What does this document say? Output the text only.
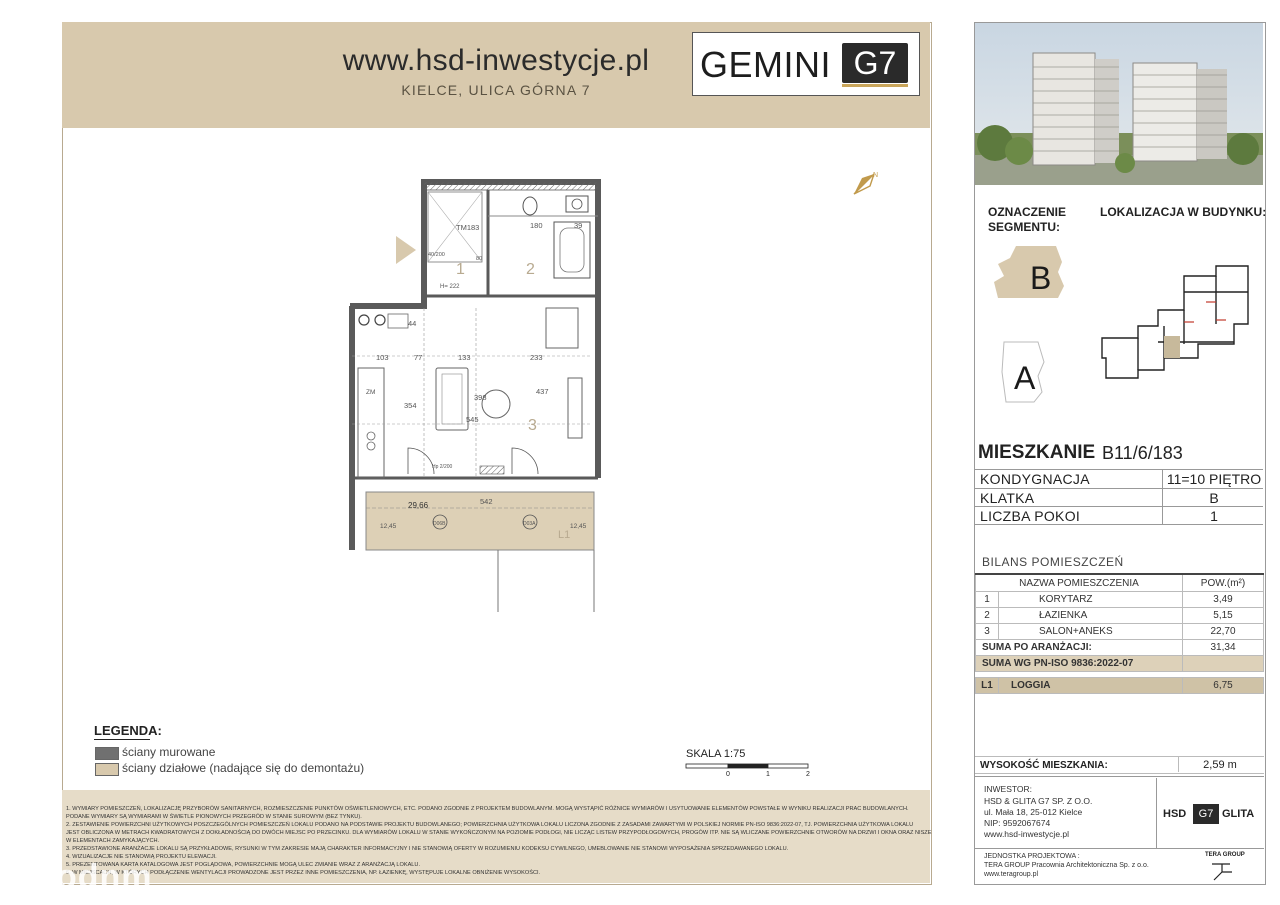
www.hsd-inwestycje.pl
KIELCE, ULICA GÓRNA 7
GEMINI G7
N
TM183
H= 222
180	39
133
103	77	233
44
354
398
545
437
542
29,66
12,45	12,45
40/200
80
ZM
D06B	D03A
Hp 2/200
L1
1	2
3
LEGENDA:
ściany murowane
ściany działowe (nadające się do demontażu)
SKALA 1:75
0	1	2
1. WYMIARY POMIESZCZEŃ, LOKALIZACJĘ PRZYBORÓW SANITARNYCH, ROZMIESZCZENIE PUNKTÓW OŚWIETLENIOWYCH, ETC. PODANO ZGODNIE Z PROJEKTEM BUDOWLANYM. MOGĄ WYSTĄPIĆ RÓŻNICE WYMIARÓW I USYTUOWANIE ELEMENTÓW POWSTAŁE W WYNIKU REALIZACJI PRAC BUDOWLANYCH.
PODANE WYMIARY SĄ WYMIARAMI W ŚWIETLE PIONOWYCH PRZEGRÓD W STANIE SUROWYM (BEZ TYNKU).
2. ZESTAWIENIE POWIERZCHNI UŻYTKOWYCH POSZCZEGÓLNYCH POMIESZCZEŃ LOKALU PODANO NA PODSTAWIE PROJEKTU BUDOWLANEGO; POWIERZCHNIA UŻYTKOWA LOKALU LICZONA ZGODNIE Z ZASADAMI ZAWARTYMI W POLSKIEJ NORMIE PN-ISO 9836:2022-07, TJ. POWIERZCHNIA UŻYTKOWA LOKALU
JEST OBLICZONA W METRACH KWADRATOWYCH Z DOKŁADNOŚCIĄ DO DWÓCH MIEJSC PO PRZECINKU. DLA WYMIARÓW LOKALU W STANIE WYKOŃCZONYM NA POZIOMIE PODŁOGI, NIE LICZĄC LISTEW PRZYPODŁOGOWYCH, PROGÓW ITP. NIE SĄ WLICZANE POWIERZCHNIE OTWORÓW NA DRZWI I OKNA ORAZ NISZE
W ELEMENTACH ZAMYKAJĄCYCH.
3. PRZEDSTAWIONE ARANŻACJE LOKALU SĄ PRZYKŁADOWE, RYSUNKI W TYM ZAKRESIE MAJĄ CHARAKTER INFORMACYJNY I NIE STANOWIĄ OFERTY W ROZUMIENIU KODEKSU CYWILNEGO, UMEBLOWANIE NIE STANOWI WYPOSAŻENIA SPRZEDAWANEGO LOKALU.
4. WIZUALIZACJE NIE STANOWIĄ PROJEKTU ELEWACJI.
5. PREZENTOWANA KARTA KATALOGOWA JEST POGLĄDOWA, POWIERZCHNIE MOGĄ ULEC ZMIANIE WRAZ Z ARANŻACJĄ LOKALU.
6. W MIEJSCACH, W KTÓRYCH PODŁĄCZENIE WENTYLACJI PROWADZONE JEST PRZEZ INNE POMIESZCZENIA, NP. ŁAZIENKĘ, WYSTĘPUJE LOKALNE OBNIŻENIE WYSOKOŚCI.
odnm
OZNACZENIE SEGMENTU:
LOKALIZACJA W BUDYNKU:
B
A
MIESZKANIE B11/6/183
KONDYGNACJA	11=10 PIĘTRO
KLATKA	B
LICZBA POKOI	1
BILANS POMIESZCZEŃ
NAZWA POMIESZCZENIA		POW.(m²)
1	KORYTARZ	3,49
2	ŁAZIENKA	5,15
3	SALON+ANEKS	22,70
SUMA PO ARANŻACJI:		31,34
SUMA WG PN-ISO 9836:2022-07		

L1	LOGGIA	6,75
WYSOKOŚĆ MIESZKANIA:	2,59 m
INWESTOR:
HSD & GLITA G7 SP. Z O.O.
ul. Mała 18, 25-012 Kielce
NIP: 9592067674
www.hsd-inwestycje.pl
HSD	G7 GLITA
JEDNOSTKA PROJEKTOWA :
TERA GROUP Pracownia Architektoniczna Sp. z o.o.
www.teragroup.pl
TERA GROUP
